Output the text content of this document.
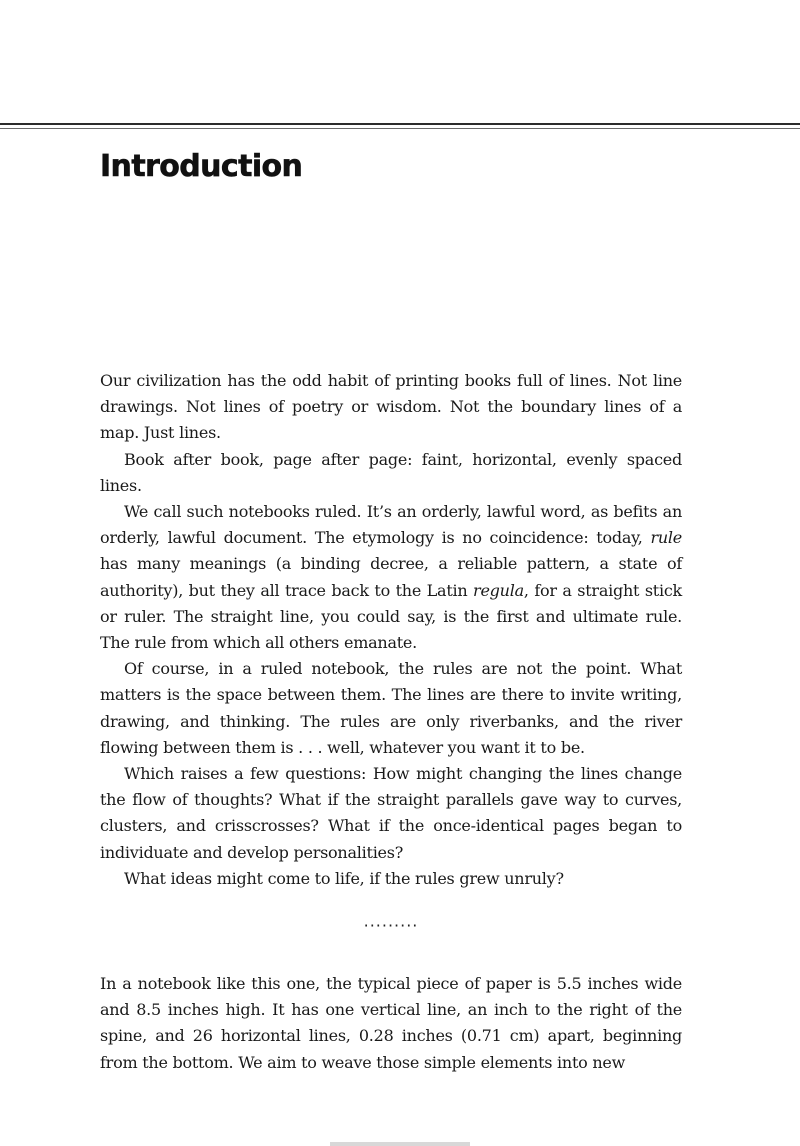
Introduction

Our civilization has the odd habit of printing books full of lines. Not line drawings. Not lines of poetry or wisdom. Not the boundary lines of a map. Just lines.

Book after book, page after page: faint, horizontal, evenly spaced lines.

We call such notebooks ruled. It’s an orderly, lawful word, as befits an orderly, lawful document. The etymology is no coincidence: today, rule has many meanings (a binding decree, a reliable pattern, a state of authority), but they all trace back to the Latin regula, for a straight stick or ruler. The straight line, you could say, is the first and ultimate rule. The rule from which all others emanate.

Of course, in a ruled notebook, the rules are not the point. What matters is the space between them. The lines are there to invite writing, drawing, and thinking. The rules are only riverbanks, and the river flowing between them is . . . well, whatever you want it to be.

Which raises a few questions: How might changing the lines change the flow of thoughts? What if the straight parallels gave way to curves, clusters, and crisscrosses? What if the once-identical pages began to individuate and develop personalities?

What ideas might come to life, if the rules grew unruly?

·········

In a notebook like this one, the typical piece of paper is 5.5 inches wide and 8.5 inches high. It has one vertical line, an inch to the right of the spine, and 26 horizontal lines, 0.28 inches (0.71 cm) apart, beginning from the bottom. We aim to weave those simple elements into new
